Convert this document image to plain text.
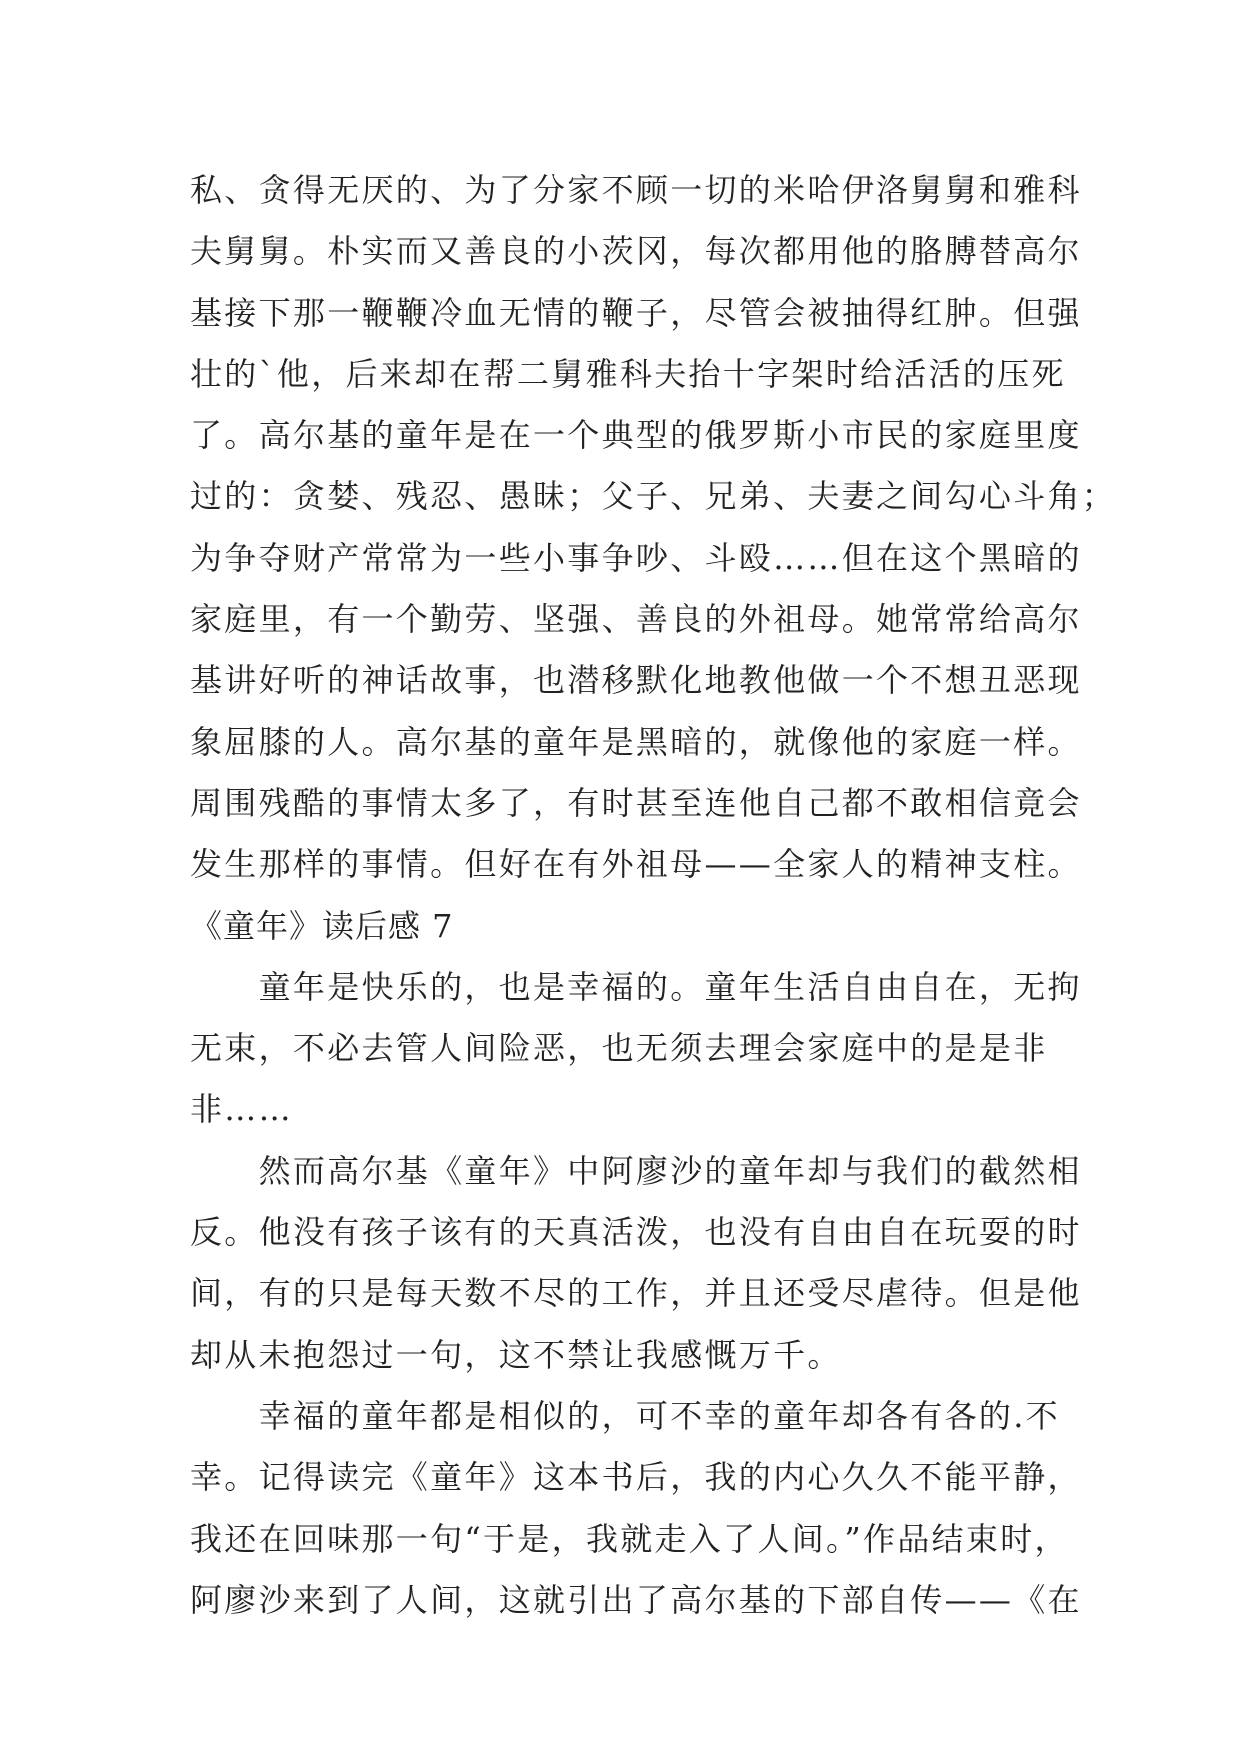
私、贪得无厌的、为了分家不顾一切的米哈伊洛舅舅和雅科
夫舅舅。朴实而又善良的小茨冈，每次都用他的胳膊替高尔
基接下那一鞭鞭冷血无情的鞭子，尽管会被抽得红肿。但强
壮的`他，后来却在帮二舅雅科夫抬十字架时给活活的压死
了。高尔基的童年是在一个典型的俄罗斯小市民的家庭里度
过的：贪婪、残忍、愚昧；父子、兄弟、夫妻之间勾心斗角；
为争夺财产常常为一些小事争吵、斗殴……但在这个黑暗的
家庭里，有一个勤劳、坚强、善良的外祖母。她常常给高尔
基讲好听的神话故事，也潜移默化地教他做一个不想丑恶现
象屈膝的人。高尔基的童年是黑暗的，就像他的家庭一样。
周围残酷的事情太多了，有时甚至连他自己都不敢相信竟会
发生那样的事情。但好在有外祖母——全家人的精神支柱。
《童年》读后感 7
　　童年是快乐的，也是幸福的。童年生活自由自在，无拘
无束，不必去管人间险恶，也无须去理会家庭中的是是非
非……
　　然而高尔基《童年》中阿廖沙的童年却与我们的截然相
反。他没有孩子该有的天真活泼，也没有自由自在玩耍的时
间，有的只是每天数不尽的工作，并且还受尽虐待。但是他
却从未抱怨过一句，这不禁让我感慨万千。
　　幸福的童年都是相似的，可不幸的童年却各有各的.不
幸。记得读完《童年》这本书后，我的内心久久不能平静，
我还在回味那一句“于是，我就走入了人间。”作品结束时，
阿廖沙来到了人间，这就引出了高尔基的下部自传——《在
